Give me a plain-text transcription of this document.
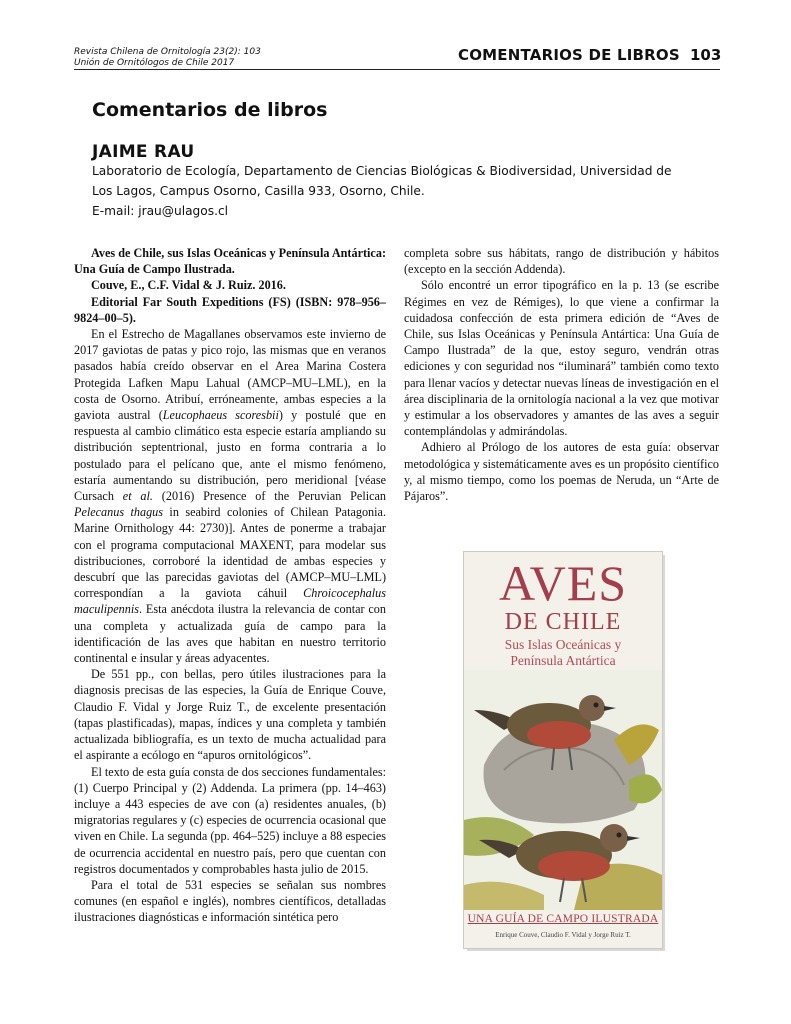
Revista Chilena de Ornitología 23(2): 103
Unión de Ornitólogos de Chile 2017	COMENTARIOS DE LIBROS 103
Comentarios de libros
JAIME RAU
Laboratorio de Ecología, Departamento de Ciencias Biológicas & Biodiversidad, Universidad de
Los Lagos, Campus Osorno, Casilla 933, Osorno, Chile.
E-mail: jrau@ulagos.cl

Aves de Chile, sus Islas Oceánicas y Península Antártica: Una Guía de Campo Ilustrada.

Couve, E., C.F. Vidal & J. Ruiz. 2016.

Editorial Far South Expeditions (FS) (ISBN: 978–956–9824–00–5).

En el Estrecho de Magallanes observamos este invierno de 2017 gaviotas de patas y pico rojo, las mismas que en veranos pasados había creído observar en el Area Marina Costera Protegida Lafken Mapu Lahual (AMCP–MU–LML), en la costa de Osorno. Atribuí, erróneamente, ambas especies a la gaviota austral (Leucophaeus scoresbii) y postulé que en respuesta al cambio climático esta especie estaría ampliando su distribución septentrional, justo en forma contraria a lo postulado para el pelícano que, ante el mismo fenómeno, estaría aumentando su distribución, pero meridional [véase Cursach et al. (2016) Presence of the Peruvian Pelican Pelecanus thagus in seabird colonies of Chilean Patagonia. Marine Ornithology 44: 2730)]. Antes de ponerme a trabajar con el programa computacional MAXENT, para modelar sus distribuciones, corroboré la identidad de ambas especies y descubrí que las parecidas gaviotas del (AMCP–MU–LML) correspondían a la gaviota cáhuil Chroicocephalus maculipennis. Esta anécdota ilustra la relevancia de contar con una completa y actualizada guía de campo para la identificación de las aves que habitan en nuestro territorio continental e insular y áreas adyacentes.

De 551 pp., con bellas, pero útiles ilustraciones para la diagnosis precisas de las especies, la Guía de Enrique Couve, Claudio F. Vidal y Jorge Ruiz T., de excelente presentación (tapas plastificadas), mapas, índices y una completa y también actualizada bibliografía, es un texto de mucha actualidad para el aspirante a ecólogo en “apuros ornitológicos”.

El texto de esta guía consta de dos secciones fundamentales: (1) Cuerpo Principal y (2) Addenda. La primera (pp. 14–463) incluye a 443 especies de ave con (a) residentes anuales, (b) migratorias regulares y (c) especies de ocurrencia ocasional que viven en Chile. La segunda (pp. 464–525) incluye a 88 especies de ocurrencia accidental en nuestro país, pero que cuentan con registros documentados y comprobables hasta julio de 2015.

Para el total de 531 especies se señalan sus nombres comunes (en español e inglés), nombres científicos, detalladas ilustraciones diagnósticas e información sintética pero

completa sobre sus hábitats, rango de distribución y hábitos (excepto en la sección Addenda).

Sólo encontré un error tipográfico en la p. 13 (se escribe Régimes en vez de Rémiges), lo que viene a confirmar la cuidadosa confección de esta primera edición de “Aves de Chile, sus Islas Oceánicas y Península Antártica: Una Guía de Campo Ilustrada” de la que, estoy seguro, vendrán otras ediciones y con seguridad nos “iluminará” también como texto para llenar vacíos y detectar nuevas líneas de investigación en el área disciplinaria de la ornitología nacional a la vez que motivar y estimular a los observadores y amantes de las aves a seguir contemplándolas y admirándolas.

Adhiero al Prólogo de los autores de esta guía: observar metodológica y sistemáticamente aves es un propósito científico y, al mismo tiempo, como los poemas de Neruda, un “Arte de Pájaros”.

AVES
DE CHILE
Sus Islas Oceánicas y
Península Antártica
UNA GUÍA DE CAMPO ILUSTRADA
Enrique Couve, Claudio F. Vidal y Jorge Ruiz T.
